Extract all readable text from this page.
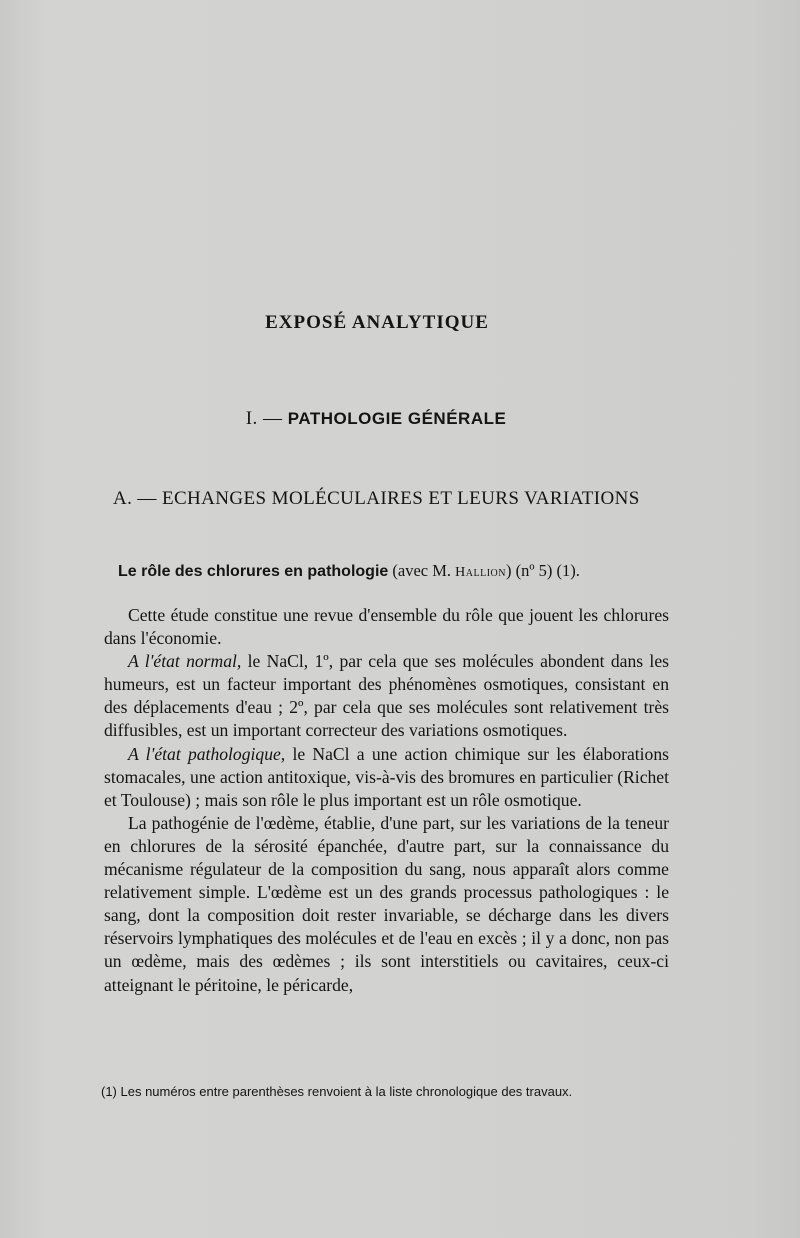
EXPOSÉ ANALYTIQUE
I. — PATHOLOGIE GÉNÉRALE
A. — ECHANGES MOLÉCULAIRES ET LEURS VARIATIONS
Le rôle des chlorures en pathologie (avec M. Hallion) (nº 5) (1).

Cette étude constitue une revue d'ensemble du rôle que jouent les chlorures dans l'économie.

A l'état normal, le NaCl, 1º, par cela que ses molécules abondent dans les humeurs, est un facteur important des phénomènes osmotiques, consistant en des déplacements d'eau ; 2º, par cela que ses molécules sont relativement très diffusibles, est un important correcteur des variations osmotiques.

A l'état pathologique, le NaCl a une action chimique sur les élaborations stomacales, une action antitoxique, vis-à-vis des bromures en particulier (Richet et Toulouse) ; mais son rôle le plus important est un rôle osmotique.

La pathogénie de l'œdème, établie, d'une part, sur les variations de la teneur en chlorures de la sérosité épanchée, d'autre part, sur la connaissance du mécanisme régulateur de la composition du sang, nous apparaît alors comme relativement simple. L'œdème est un des grands processus pathologiques : le sang, dont la composition doit rester invariable, se décharge dans les divers réservoirs lymphatiques des molécules et de l'eau en excès ; il y a donc, non pas un œdème, mais des œdèmes ; ils sont interstitiels ou cavitaires, ceux-ci atteignant le péritoine, le péricarde,

(1) Les numéros entre parenthèses renvoient à la liste chronologique des travaux.
